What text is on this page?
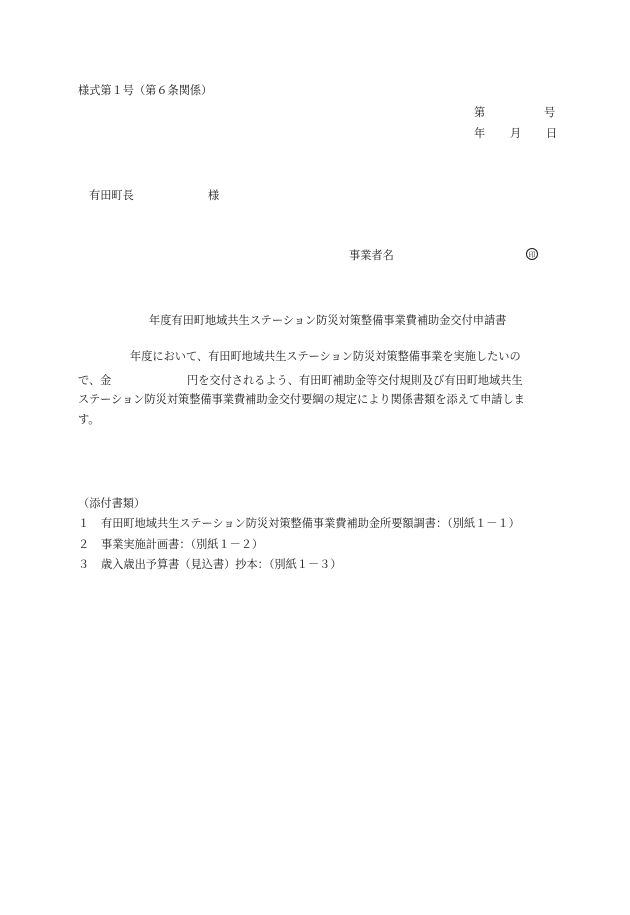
様式第１号（第６条関係）
第	号
年 月 日
有田町長	様
事業者名	印
年度有田町地域共生ステーション防災対策整備事業費補助金交付申請書
年度において、有田町地域共生ステーション防災対策整備事業を実施したいの
で、金	円を交付されるよう、有田町補助金等交付規則及び有田町地域共生
ステーション防災対策整備事業費補助金交付要綱の規定により関係書類を添えて申請しま
す。
（添付書類）
１ 有田町地域共生ステーション防災対策整備事業費補助金所要額調書：（別紙１－１）
２ 事業実施計画書：（別紙１－２）
３ 歳入歳出予算書（見込書）抄本：（別紙１－３）
